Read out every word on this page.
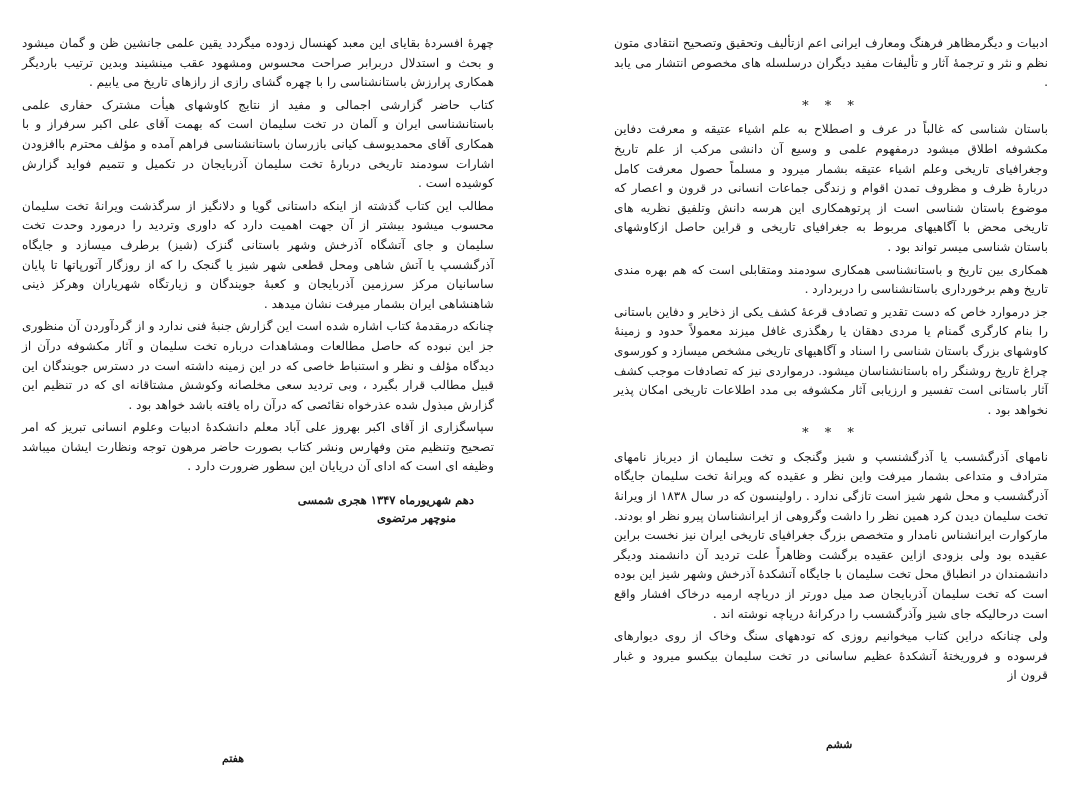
چهرهٔ افسردهٔ بقایای این معبد کهنسال زدوده میگردد یقین علمی جانشین ظن و گمان میشود و بحث و استدلال دربرابر صراحت محسوس ومشهود عقب مینشیند وبدین ترتیب باردیگر همکاری پرارزش باستانشناسی را با چهره گشای رازی از رازهای تاریخ می یابیم .

کتاب حاضر گزارشی اجمالی و مفید از نتایج کاوشهای هیأت مشترک حفاری علمی باستانشناسی ایران و آلمان در تخت سلیمان است که بهمت آقای علی اکبر سرفراز و با همکاری آقای محمدیوسف کیانی بازرسان باستانشناسی فراهم آمده و مؤلف محترم باافزودن اشارات سودمند تاریخی دربارهٔ تخت سلیمان آذربایجان در تکمیل و تتمیم فواید گزارش کوشیده است .

مطالب این کتاب گذشته از اینکه داستانی گویا و دلانگیز از سرگذشت ویرانهٔ تخت سلیمان محسوب میشود بیشتر از آن جهت اهمیت دارد که داوری وتردید را درمورد وحدت تخت سلیمان و جای آتشگاه آذرخش وشهر باستانی گنزک (شیز) برطرف میسازد و جایگاه آذرگشسپ یا آتش شاهی ومحل قطعی شهر شیز یا گنجک را که از روزگار آتورپاتها تا پایان ساسانیان مرکز سرزمین آذربایجان و کعبهٔ جویندگان و زیارتگاه شهریاران وهرکز ذینی شاهنشاهی ایران بشمار میرفت نشان میدهد .

چنانکه درمقدمهٔ کتاب اشاره شده است این گزارش جنبهٔ فنی ندارد و از گردآوردن آن منظوری جز این نبوده که حاصل مطالعات ومشاهدات درباره تخت سلیمان و آثار مکشوفه درآن از دیدگاه مؤلف و نظر و استنباط خاصی که در این زمینه داشته است در دسترس جویندگان این قبیل مطالب قرار بگیرد ، وبی تردید سعی مخلصانه وکوشش مشتاقانه ای که در تنظیم این گزارش مبذول شده عذرخواه نقائصی که درآن راه یافته باشد خواهد بود .

سپاسگزاری از آقای اکبر بهروز علی آباد معلم دانشکدهٔ ادبیات وعلوم انسانی تبریز که امر تصحیح وتنظیم متن وفهارس ونشر کتاب بصورت حاضر مرهون توجه ونظارت ایشان میباشد وظیفه ای است که ادای آن دریایان این سطور ضرورت دارد .

دهم شهریورماه ۱۳۴۷ هجری شمسی
منوچهر مرتضوی
هفتم

ادبیات و دیگرمظاهر فرهنگ ومعارف ایرانی اعم ازتألیف وتحقیق وتصحیح انتقادی متون نظم و نثر و ترجمهٔ آثار و تألیفات مفید دیگران درسلسله های مخصوص انتشار می یابد .

* * *

باستان شناسی که غالباً در عرف و اصطلاح به علم اشیاء عتیقه و معرفت دفاین مکشوفه اطلاق میشود درمفهوم علمی و وسیع آن دانشی مرکب از علم تاریخ وجغرافیای تاریخی وعلم اشیاء عتیقه بشمار میرود و مسلماً حصول معرفت کامل دربارهٔ ظرف و مظروف تمدن اقوام و زندگی جماعات انسانی در قرون و اعصار که موضوع باستان شناسی است از پرتوهمکاری این هرسه دانش وتلفیق نظریه های تاریخی محض با آگاهیهای مربوط به جغرافیای تاریخی و قراین حاصل ازکاوشهای باستان شناسی میسر تواند بود .

همکاری بین تاریخ و باستانشناسی همکاری سودمند ومتقابلی است که هم بهره مندی تاریخ وهم برخورداری باستانشناسی را دربردارد .

جز درموارد خاص که دست تقدیر و تصادف قرعهٔ کشف یکی از ذخایر و دفاین باستانی را بنام کارگری گمنام یا مردی دهقان یا رهگذری غافل میزند معمولاً حدود و زمینهٔ کاوشهای بزرگ باستان شناسی را اسناد و آگاهیهای تاریخی مشخص میسازد و کورسوی چراغ تاریخ روشنگر راه باستانشناسان میشود. درمواردی نیز که تصادفات موجب کشف آثار باستانی است تفسیر و ارزیابی آثار مکشوفه بی مدد اطلاعات تاریخی امکان پذیر نخواهد بود .

* * *

نامهای آذرگشسب یا آذرگشنسپ و شیز وگنجک و تخت سلیمان از دیرباز نامهای مترادف و متداعی بشمار میرفت واین نظر و عقیده که ویرانهٔ تخت سلیمان جایگاه آذرگشسب و محل شهر شیز است تازگی ندارد . راولینسون که در سال ۱۸۳۸ از ویرانهٔ تخت سلیمان دیدن کرد همین نظر را داشت وگروهی از ایرانشناسان پیرو نظر او بودند. مارکوارت ایرانشناس نامدار و متخصص بزرگ جغرافیای تاریخی ایران نیز نخست براین عقیده بود ولی بزودی ازاین عقیده برگشت وظاهراً علت تردید آن دانشمند ودیگر دانشمندان در انطباق محل تخت سلیمان با جایگاه آتشکدهٔ آذرخش وشهر شیز این بوده است که تخت سلیمان آذربایجان صد میل دورتر از دریاچه ارمیه درخاک افشار واقع است درحالیکه جای شیز وآذرگشسب را درکرانهٔ دریاچه نوشته اند .

ولی چنانکه دراین کتاب میخوانیم روزی که تودههای سنگ وخاک از روی دیوارهای فرسوده و فروریختهٔ آتشکدهٔ عظیم ساسانی در تخت سلیمان بیکسو میرود و غبار قرون از

ششم
